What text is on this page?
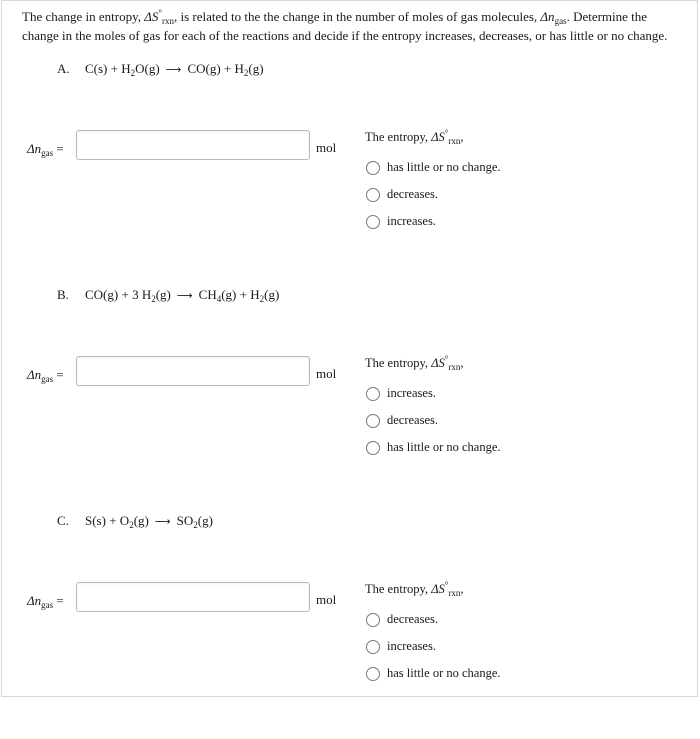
The change in entropy, $\Delta S^\circ_{rxn}$, is related to the the change in the number of moles of gas molecules, $\Delta n_{gas}$. Determine the change in the moles of gas for each of the reactions and decide if the entropy increases, decreases, or has little or no change.
A. $C(s) + H_2O(g)$ ⟶ $CO(g) + H_2(g)$
$\Delta n_{gas}$ =	mol
The entropy, $\Delta S^\circ_{rxn}$,
has little or no change.
decreases.
increases.
B. CO(g) + 3 $H_2(g)$ ⟶ $CH_4(g) + H_2(g)$
$\Delta n_{gas}$ =	mol
The entropy, $\Delta S^\circ_{rxn}$,
increases.
decreases.
has little or no change.
C. $S(s) + O_2(g)$ ⟶ $SO_2(g)$
$\Delta n_{gas}$ =	mol
The entropy, $\Delta S^\circ_{rxn}$,
decreases.
increases.
has little or no change.
